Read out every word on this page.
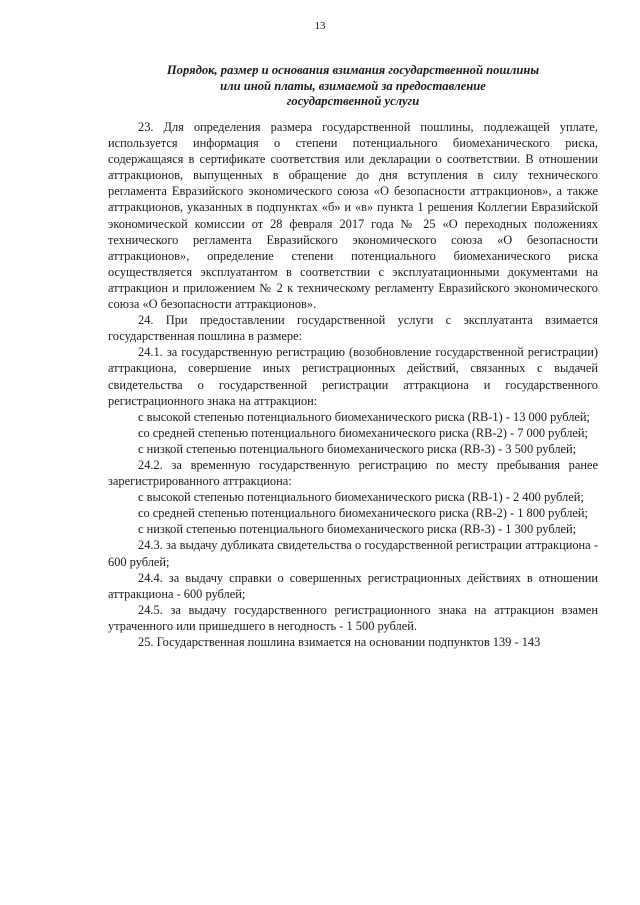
13
Порядок, размер и основания взимания государственной пошлины
или иной платы, взимаемой за предоставление
государственной услуги

23. Для определения размера государственной пошлины, подлежащей уплате, используется информация о степени потенциального биомеханического риска, содержащаяся в сертификате соответствия или декларации о соответствии. В отношении аттракционов, выпущенных в обращение до дня вступления в силу технического регламента Евразийского экономического союза «О безопасности аттракционов», а также аттракционов, указанных в подпунктах «б» и «в» пункта 1 решения Коллегии Евразийской экономической комиссии от 28 февраля 2017 года № 25 «О переходных положениях технического регламента Евразийского экономического союза «О безопасности аттракционов», определение степени потенциального биомеханического риска осуществляется эксплуатантом в соответствии с эксплуатационными документами на аттракцион и приложением № 2 к техническому регламенту Евразийского экономического союза «О безопасности аттракционов».

24. При предоставлении государственной услуги с эксплуатанта взимается государственная пошлина в размере:

24.1. за государственную регистрацию (возобновление государственной регистрации) аттракциона, совершение иных регистрационных действий, связанных с выдачей свидетельства о государственной регистрации аттракциона и государственного регистрационного знака на аттракцион:

с высокой степенью потенциального биомеханического риска (RB-1) - 13 000 рублей;

со средней степенью потенциального биомеханического риска (RB-2) - 7 000 рублей;

с низкой степенью потенциального биомеханического риска (RB-3) - 3 500 рублей;

24.2. за временную государственную регистрацию по месту пребывания ранее зарегистрированного аттракциона:

с высокой степенью потенциального биомеханического риска (RB-1) - 2 400 рублей;

со средней степенью потенциального биомеханического риска (RB-2) - 1 800 рублей;

с низкой степенью потенциального биомеханического риска (RB-3) - 1 300 рублей;

24.3. за выдачу дубликата свидетельства о государственной регистрации аттракциона - 600 рублей;

24.4. за выдачу справки о совершенных регистрационных действиях в отношении аттракциона - 600 рублей;

24.5. за выдачу государственного регистрационного знака на аттракцион взамен утраченного или пришедшего в негодность - 1 500 рублей.

25. Государственная пошлина взимается на основании подпунктов 139 - 143
